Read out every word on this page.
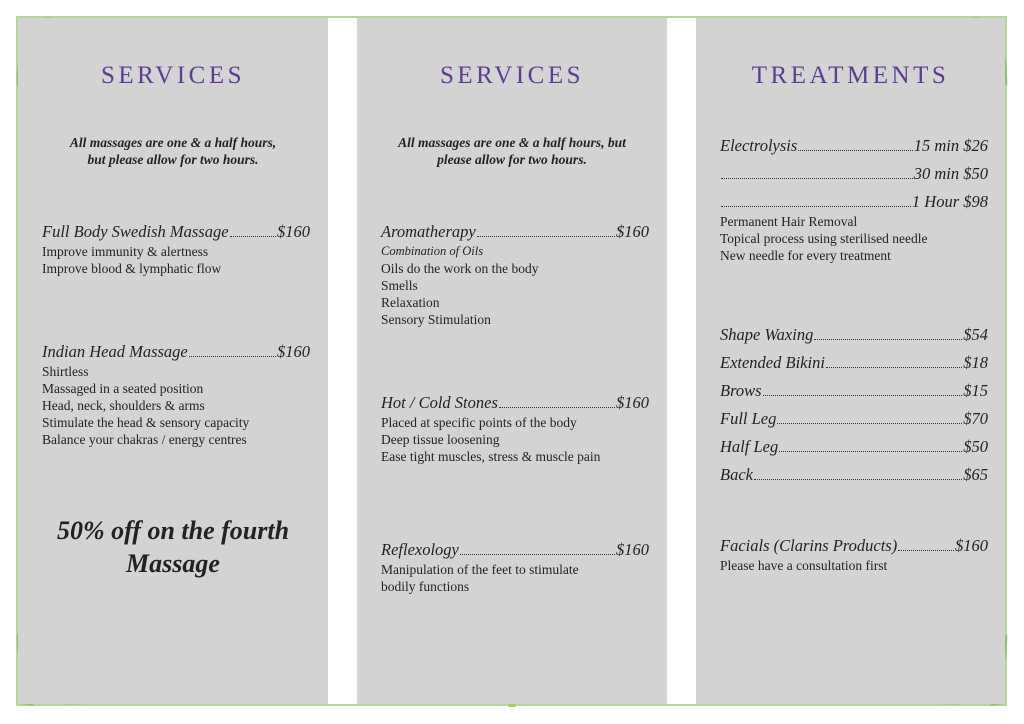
SERVICES
All massages are one & a half hours,
but please allow for two hours.
Full Body Swedish Massage	$160
Improve immunity & alertness
Improve blood & lymphatic flow
Indian Head Massage	$160
Shirtless
Massaged in a seated position
Head, neck, shoulders & arms
Stimulate the head & sensory capacity
Balance your chakras / energy centres
50% off on the fourth
Massage
SERVICES
All massages are one & a half hours, but
please allow for two hours.
Aromatherapy	$160
Combination of Oils
Oils do the work on the body
Smells
Relaxation
Sensory Stimulation
Hot / Cold Stones	$160
Placed at specific points of the body
Deep tissue loosening
Ease tight muscles, stress & muscle pain
Reflexology	$160
Manipulation of the feet to stimulate
bodily functions
TREATMENTS
Electrolysis	15 min $26
30 min $50
1 Hour $98
Permanent Hair Removal
Topical process using sterilised needle
New needle for every treatment
Shape Waxing	$54
Extended Bikini	$18
Brows	$15
Full Leg	$70
Half Leg	$50
Back	$65
Facials (Clarins Products)	$160
Please have a consultation first
